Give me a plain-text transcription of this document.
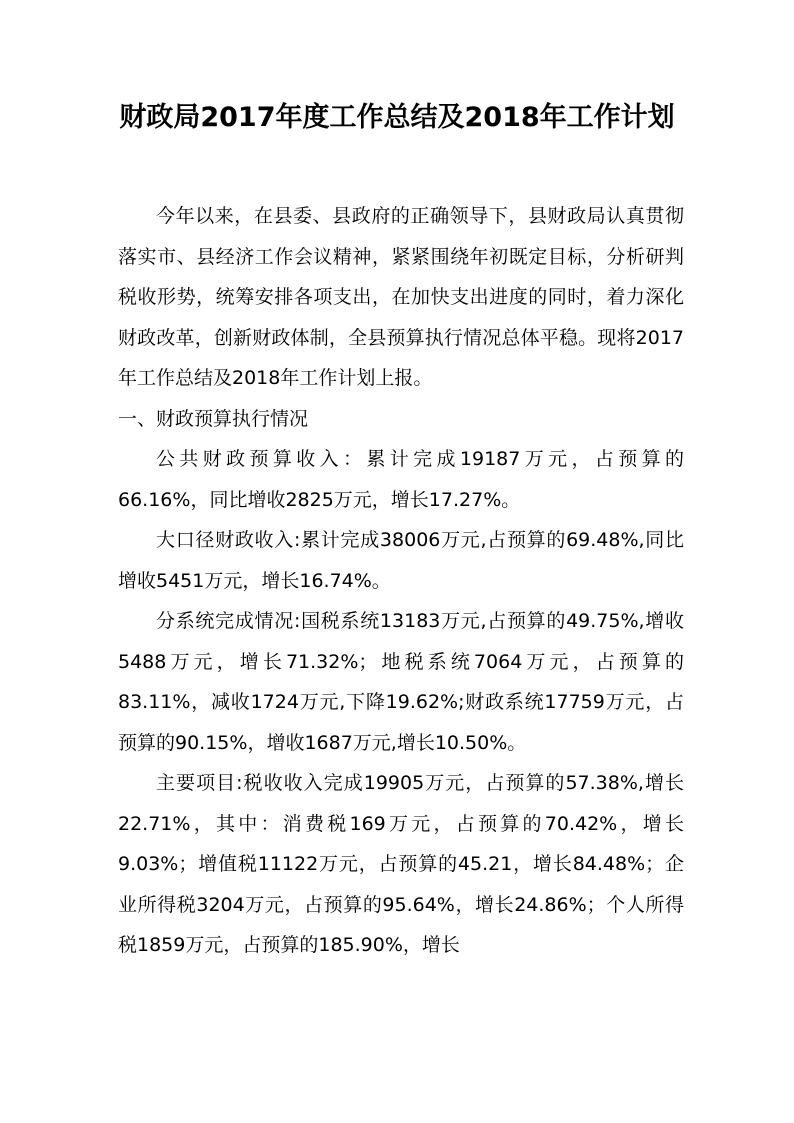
财政局2017年度工作总结及2018年工作计划

今年以来，在县委、县政府的正确领导下，县财政局认真贯彻落实市、县经济工作会议精神，紧紧围绕年初既定目标，分析研判税收形势，统筹安排各项支出，在加快支出进度的同时，着力深化财政改革，创新财政体制，全县预算执行情况总体平稳。现将2017年工作总结及2018年工作计划上报。

一、财政预算执行情况

公共财政预算收入：累计完成19187万元，占预算的66.16%，同比增收2825万元，增长17.27%。

大口径财政收入:累计完成38006万元,占预算的69.48%,同比增收5451万元，增长16.74%。

分系统完成情况:国税系统13183万元,占预算的49.75%,增收5488万元，增长71.32%；地税系统7064万元，占预算的83.11%，减收1724万元,下降19.62%;财政系统17759万元，占预算的90.15%，增收1687万元,增长10.50%。

主要项目:税收收入完成19905万元，占预算的57.38%,增长22.71%，其中：消费税169万元，占预算的70.42%，增长9.03%；增值税11122万元，占预算的45.21，增长84.48%；企业所得税3204万元，占预算的95.64%，增长24.86%；个人所得税1859万元，占预算的185.90%，增长
